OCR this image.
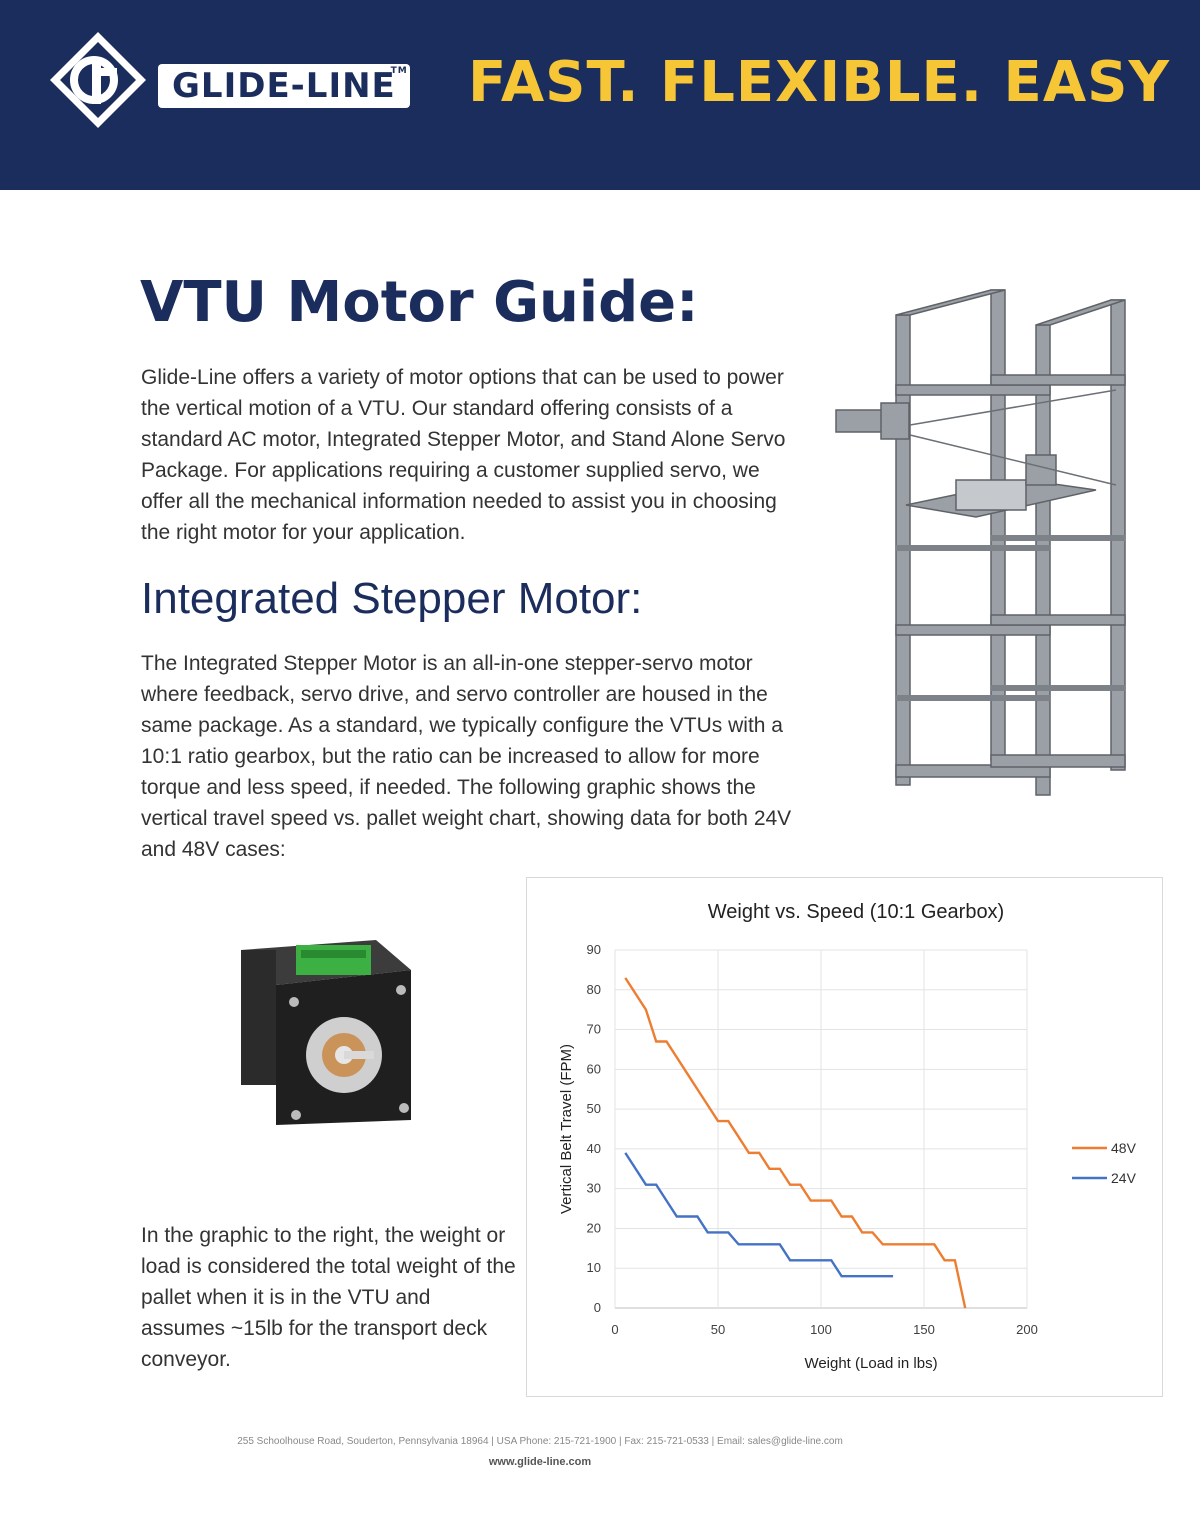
GLIDE-LINE
TM FAST. FLEXIBLE. EASY
VTU Motor Guide:

Glide-Line offers a variety of motor options that can be used to power the vertical motion of a VTU. Our standard offering consists of a standard AC motor, Integrated Stepper Motor, and Stand Alone Servo Package. For applications requiring a customer supplied servo, we offer all the mechanical information needed to assist you in choosing the right motor for your application.

Integrated Stepper Motor:

The Integrated Stepper Motor is an all-in-one stepper-servo motor where feedback, servo drive, and servo controller are housed in the same package. As a standard, we typically configure the VTUs with a 10:1 ratio gearbox, but the ratio can be increased to allow for more torque and less speed, if needed. The following graphic shows the vertical travel speed vs. pallet weight chart, showing data for both 24V and 48V cases:

In the graphic to the right, the weight or load is considered the total weight of the pallet when it is in the VTU and assumes ~15lb for the transport deck conveyor.

Weight vs. Speed (10:1 Gearbox)
0
10
20
30
40
50
60
70
80
90
0	50	100	150	200
Weight (Load in lbs)
Vertical Belt Travel (FPM)	48V
24V
255 Schoolhouse Road, Souderton, Pennsylvania 18964 | USA Phone: 215-721-1900 | Fax: 215-721-0533 | Email: sales@glide-line.com
www.glide-line.com
